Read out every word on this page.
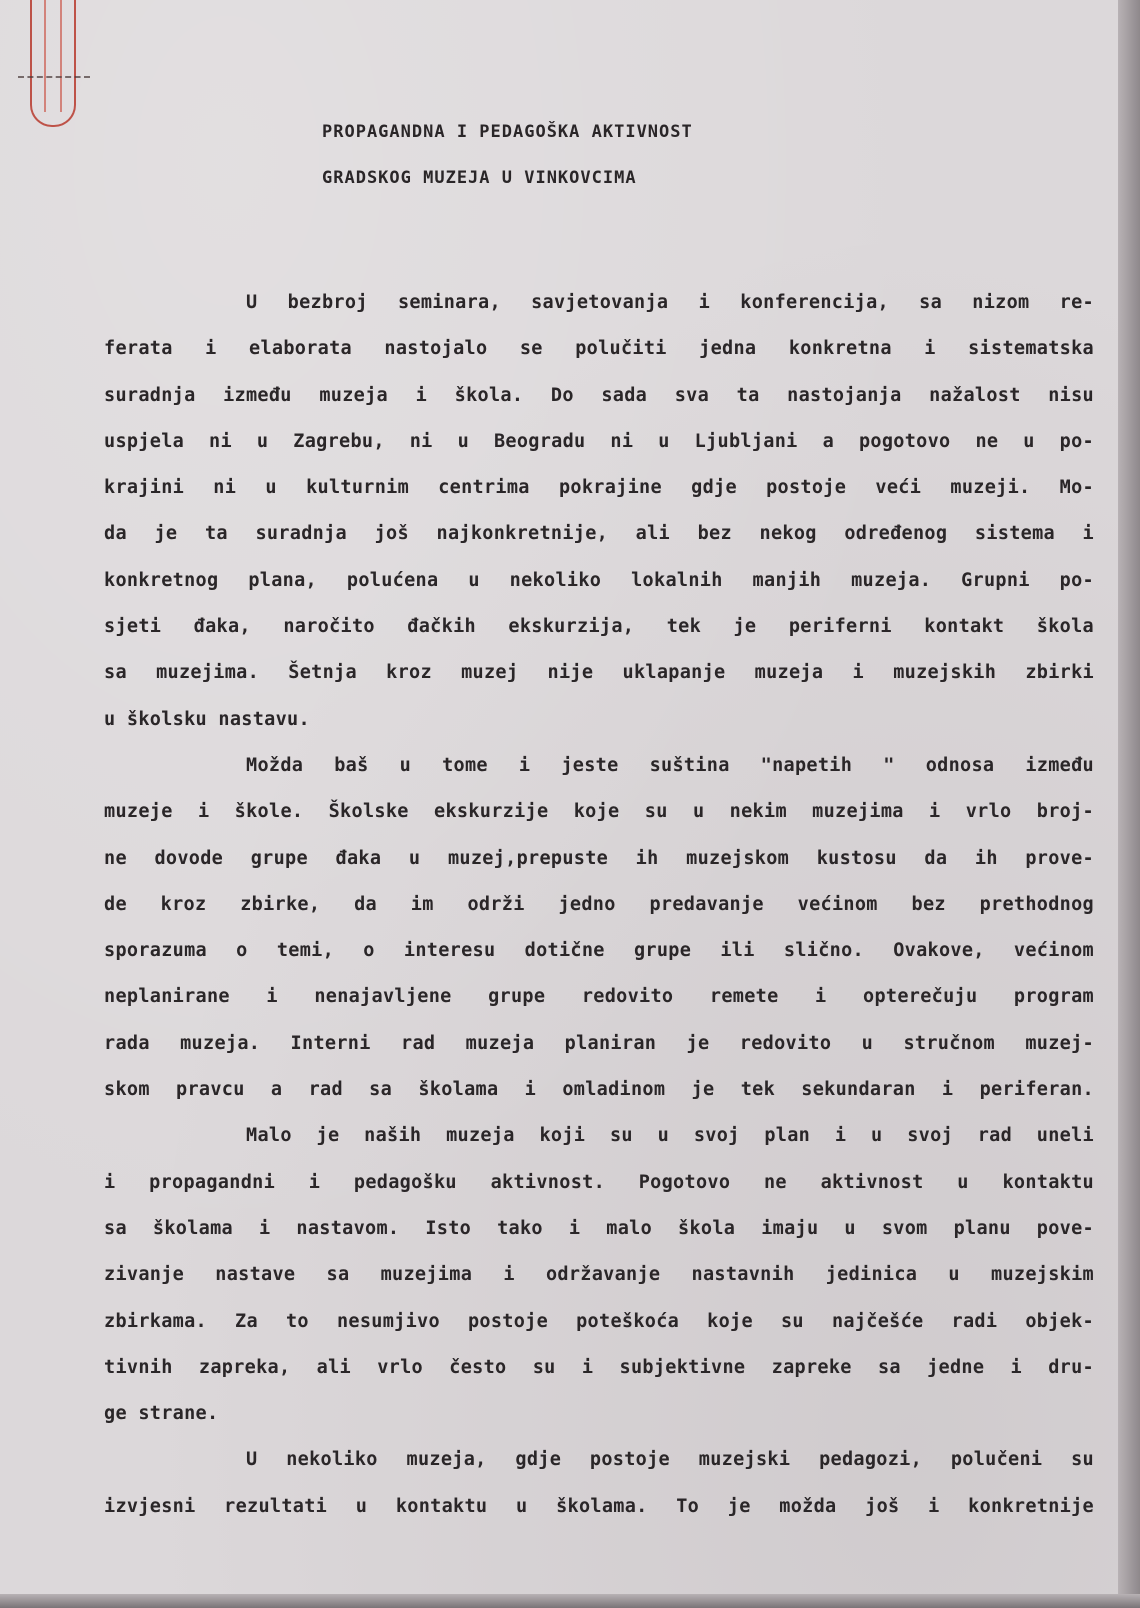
PROPAGANDNA I PEDAGOŠKA AKTIVNOST
GRADSKOG MUZEJA U VINKOVCIMA
U bezbroj seminara, savjetovanja i konferencija, sa nizom re-
ferata i elaborata nastojalo se polučiti jedna konkretna i sistematska
suradnja između muzeja i škola. Do sada sva ta nastojanja nažalost nisu
uspjela ni u Zagrebu, ni u Beogradu ni u Ljubljani a pogotovo ne u po-
krajini ni u kulturnim centrima pokrajine gdje postoje veći muzeji. Mo-
da je ta suradnja još najkonkretnije, ali bez nekog određenog sistema i
konkretnog plana, polućena u nekoliko lokalnih manjih muzeja. Grupni po-
sjeti đaka, naročito đačkih ekskurzija, tek je periferni kontakt škola
sa muzejima. Šetnja kroz muzej nije uklapanje muzeja i muzejskih zbirki
u školsku nastavu.
Možda baš u tome i jeste suština "napetih " odnosa između
muzeje i škole. Školske ekskurzije koje su u nekim muzejima i vrlo broj-
ne dovode grupe đaka u muzej,prepuste ih muzejskom kustosu da ih prove-
de kroz zbirke, da im održi jedno predavanje većinom bez prethodnog
sporazuma o temi, o interesu dotične grupe ili slično. Ovakove, većinom
neplanirane i nenajavljene grupe redovito remete i opterečuju program
rada muzeja. Interni rad muzeja planiran je redovito u stručnom muzej-
skom pravcu a rad sa školama i omladinom je tek sekundaran i periferan.
Malo je naših muzeja koji su u svoj plan i u svoj rad uneli
i propagandni i pedagošku aktivnost. Pogotovo ne aktivnost u kontaktu
sa školama i nastavom. Isto tako i malo škola imaju u svom planu pove-
zivanje nastave sa muzejima i održavanje nastavnih jedinica u muzejskim
zbirkama. Za to nesumjivo postoje poteškoća koje su najčešće radi objek-
tivnih zapreka, ali vrlo često su i subjektivne zapreke sa jedne i dru-
ge strane.
U nekoliko muzeja, gdje postoje muzejski pedagozi, polučeni su
izvjesni rezultati u kontaktu u školama. To je možda još i konkretnije
